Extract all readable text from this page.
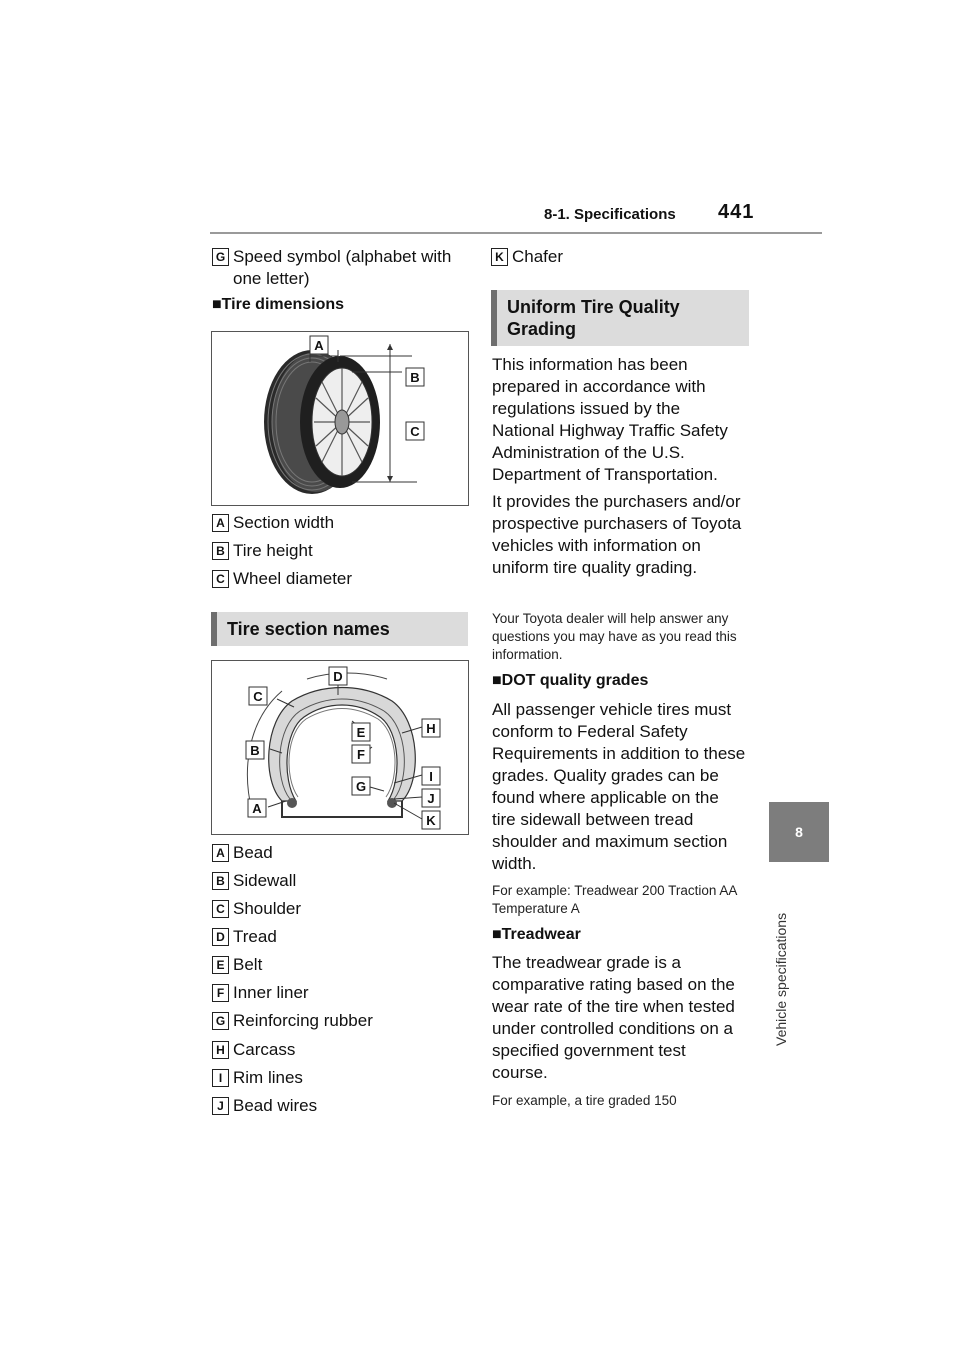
8-1. Specifications 441
8
Vehicle specifications
G Speed symbol (alphabet with one letter)
■Tire dimensions
A
B
C
A Section width
B Tire height
C Wheel diameter
Tire section names
C
D
E
F
H
B
G
I
J
A
K
A Bead
B Sidewall
C Shoulder
D Tread
E Belt
F Inner liner
G Reinforcing rubber
H Carcass
I Rim lines
J Bead wires
K Chafer
Uniform Tire Quality Grading
This information has been prepared in accordance with regulations issued by the National Highway Traffic Safety Administration of the U.S. Department of Transportation.
It provides the purchasers and/or prospective purchasers of Toyota vehicles with information on uniform tire quality grading.
Your Toyota dealer will help answer any questions you may have as you read this information.
■DOT quality grades
All passenger vehicle tires must conform to Federal Safety Requirements in addition to these grades. Quality grades can be found where applicable on the tire sidewall between tread shoulder and maximum section width.
For example: Treadwear 200 Traction AA Temperature A
■Treadwear
The treadwear grade is a comparative rating based on the wear rate of the tire when tested under controlled conditions on a specified government test course.
For example, a tire graded 150
